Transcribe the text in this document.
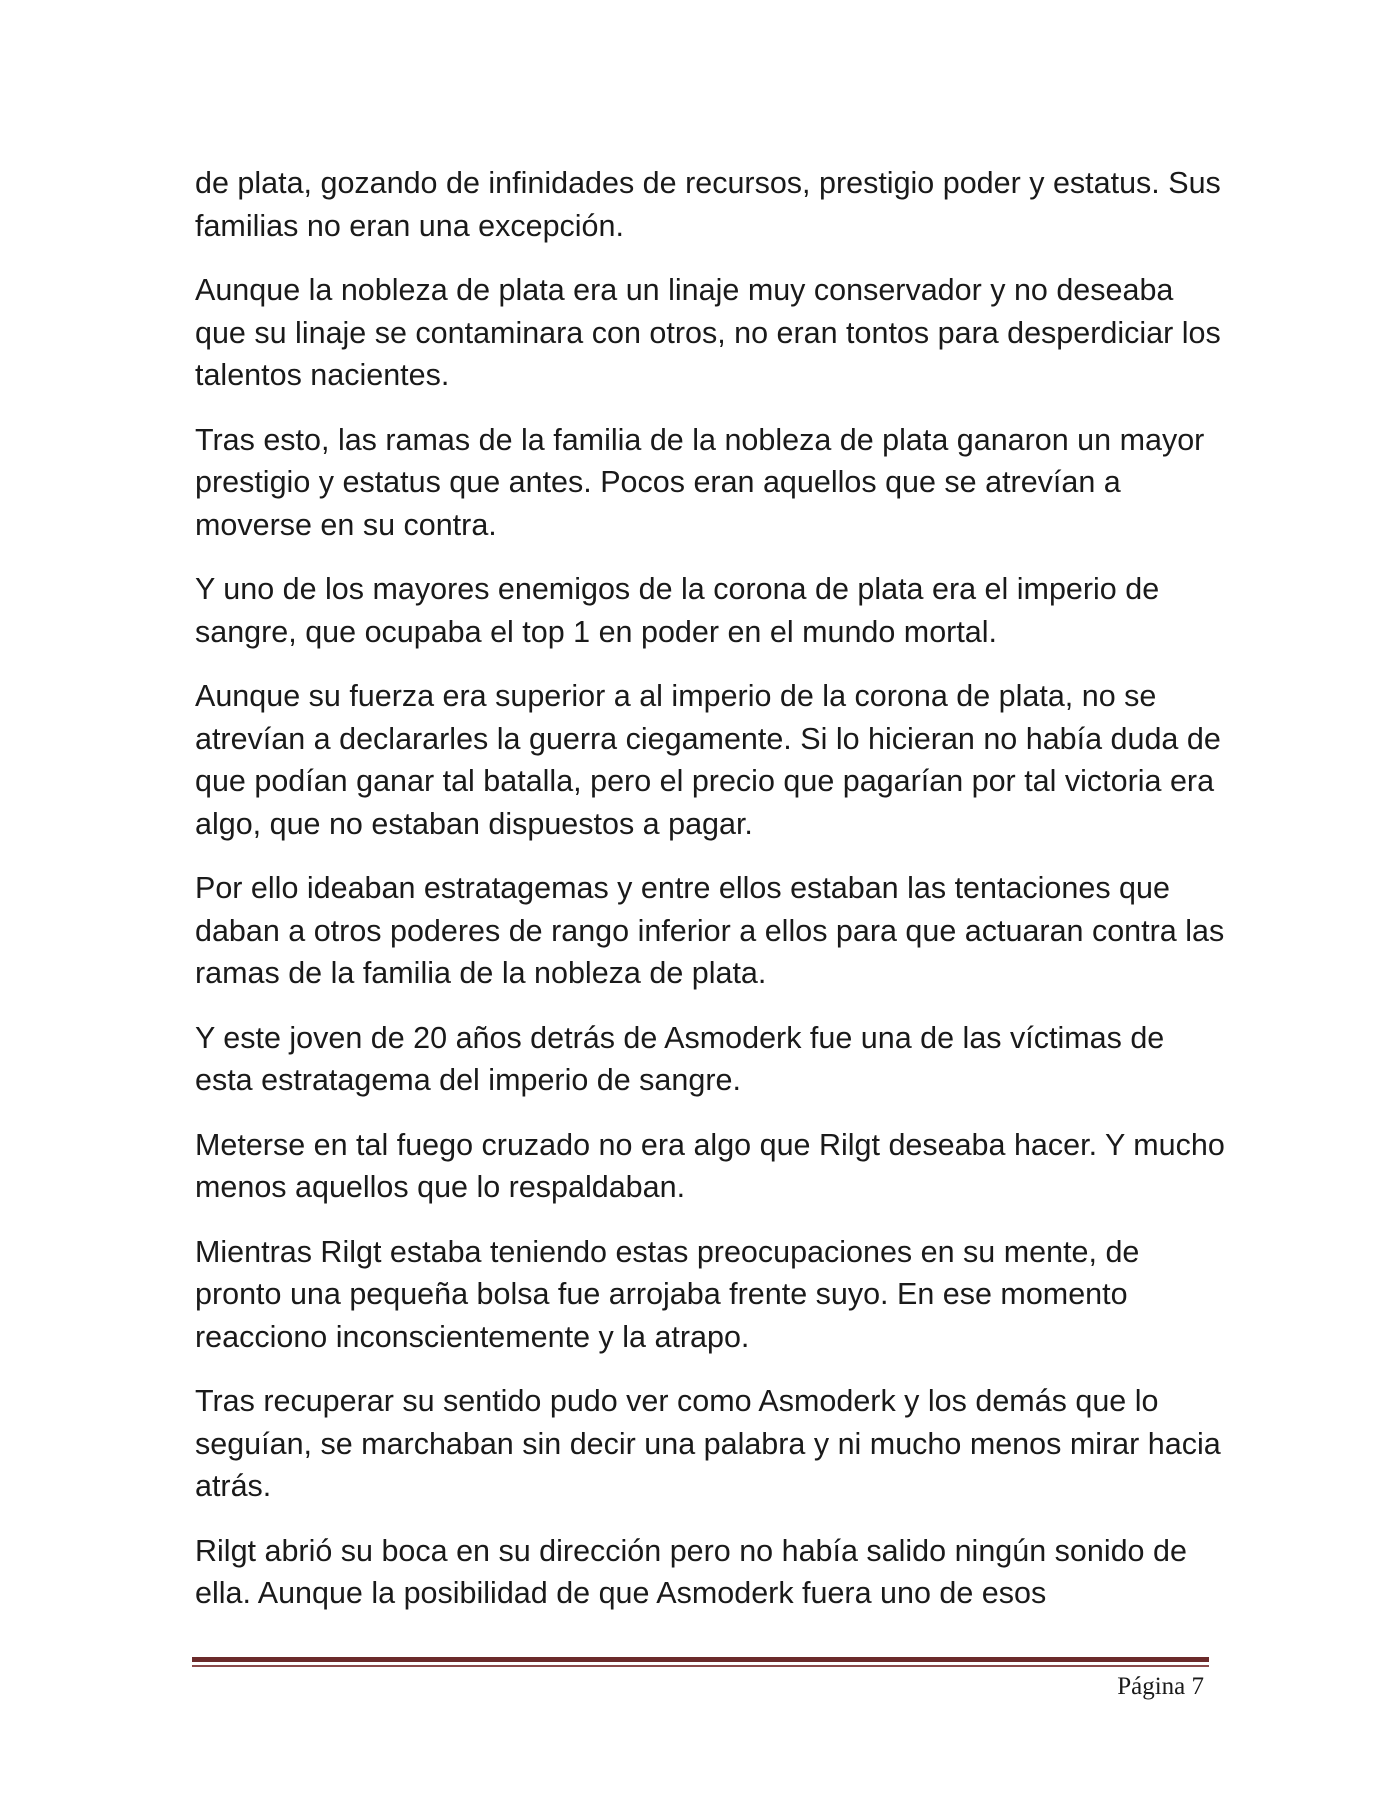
de plata, gozando de infinidades de recursos, prestigio poder y estatus. Sus familias no eran una excepción.

Aunque la nobleza de plata era un linaje muy conservador y no deseaba que su linaje se contaminara con otros, no eran tontos para desperdiciar los talentos nacientes.

Tras esto, las ramas de la familia de la nobleza de plata ganaron un mayor prestigio y estatus que antes. Pocos eran aquellos que se atrevían a moverse en su contra.

Y uno de los mayores enemigos de la corona de plata era el imperio de sangre, que ocupaba el top 1 en poder en el mundo mortal.

Aunque su fuerza era superior a al imperio de la corona de plata, no se atrevían a declararles la guerra ciegamente. Si lo hicieran no había duda de que podían ganar tal batalla, pero el precio que pagarían por tal victoria era algo, que no estaban dispuestos a pagar.

Por ello ideaban estratagemas y entre ellos estaban las tentaciones que daban a otros poderes de rango inferior a ellos para que actuaran contra las ramas de la familia de la nobleza de plata.

Y este joven de 20 años detrás de Asmoderk fue una de las víctimas de esta estratagema del imperio de sangre.

Meterse en tal fuego cruzado no era algo que Rilgt deseaba hacer. Y mucho menos aquellos que lo respaldaban.

Mientras Rilgt estaba teniendo estas preocupaciones en su mente, de pronto una pequeña bolsa fue arrojaba frente suyo. En ese momento reacciono inconscientemente y la atrapo.

Tras recuperar su sentido pudo ver como Asmoderk y los demás que lo seguían, se marchaban sin decir una palabra y ni mucho menos mirar hacia atrás.

Rilgt abrió su boca en su dirección pero no había salido ningún sonido de ella. Aunque la posibilidad de que Asmoderk fuera uno de esos

Página 7
